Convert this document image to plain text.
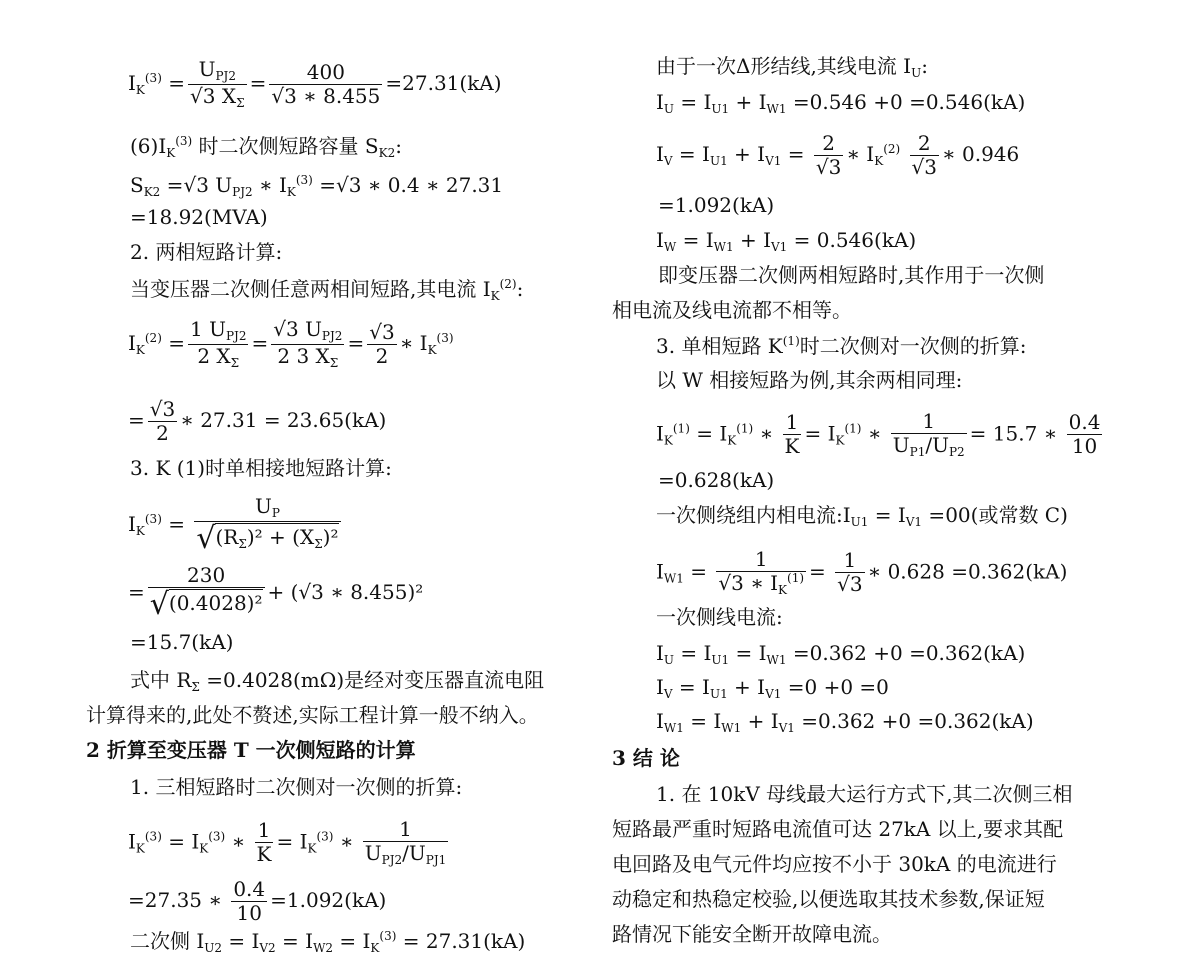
$I_K^{(3)} = \frac{U_{PJ2}}{√3 X_\Sigma} = \frac{400}{√3 ∗ 8.455} =27.31(kA)$
$(6)I_K^{(3)}$ 时二次侧短路容量 $S_{K2}$:
$S_{K2} =√3$ $U_{PJ2}$ ∗ $I_K^{(3)} =√3$ ∗ 0.4 ∗ 27.31
=18.92(MVA)
2. 两相短路计算:
当变压器二次侧任意两相间短路,其电流 $I_K^{(2)}$:
$I_K^{(2)} = \frac{1 U_{PJ2}}{2 X_\Sigma} = \frac{√3 U_{PJ2}}{2 3 X_\Sigma} = \frac{√3}{2}$ ∗ $I_K^{(3)}$
= $\frac{√3}{2}$ ∗ 27.31 = 23.65(kA)
3. K (1)时单相接地短路计算:
$I_K^{(3)} = \frac{U_P}{√(R_\Sigma)^2 + (X_\Sigma)^2}$
= $\frac{230}{\text{√(0.4028)²}} + (√3$ ∗ 8.455)²
=15.7(kA)
式中 $R_\Sigma =0.4028(m\Omega)$是经对变压器直流电阻
计算得来的,此处不赘述,实际工程计算一般不纳入。
2 折算至变压器 T 一次侧短路的计算
1. 三相短路时二次侧对一次侧的折算:
$I_K^{(3)} = I_K^{(3)}$ ∗ $\frac{1}{K} = I_K^{(3)}$ ∗ $\frac{1}{U_{PJ2}/U_{PJ1}}$
=27.35 ∗ $\frac{0.4}{10} =1.092(kA)$
二次侧 $I_{U2} = I_{V2} = I_{W2} = I_K^{(3)} = 27.31(kA)$
由于一次Δ形结线,其线电流 $I_U$:
$I_U = I_{U1} + I_{W1} =0.546 +0 =0.546(kA)$
$I_V = I_{U1} + I_{V1} = \frac{2}{√3}$ ∗ $I_K^{(2)} \frac{2}{√3}$ ∗ 0.946
=1.092(kA)
$I_W = I_{W1} + I_{V1} = 0.546(kA)$
即变压器二次侧两相短路时,其作用于一次侧
相电流及线电流都不相等。
3. 单相短路 $K^{(1)}$时二次侧对一次侧的折算:
以 W 相接短路为例,其余两相同理:
$I_K^{(1)} = I_K^{(1)}$ ∗ $\frac{1}{K} = I_K^{(1)}$ ∗ $\frac{1}{U_{P1}/U_{P2}} = 15.7$ ∗ $\frac{0.4}{10}$
=0.628(kA)
一次侧绕组内相电流$:I_{U1} = I_{V1} =00$(或常数 C)
$I_{W1} = \frac{1}{√3 ∗ I_K^{(1)}} = \frac{1}{√3}$ ∗ 0.628 =0.362(kA)
一次侧线电流:
$I_U = I_{U1} = I_{W1} =0.362 +0 =0.362(kA)$
$I_V = I_{U1} + I_{V1} =0 +0 =0$
$I_{W1} = I_{W1} + I_{V1} =0.362 +0 =0.362(kA)$
3 结 论
1. 在 10kV 母线最大运行方式下,其二次侧三相
短路最严重时短路电流值可达 27kA 以上,要求其配
电回路及电气元件均应按不小于 30kA 的电流进行
动稳定和热稳定校验,以便选取其技术参数,保证短
路情况下能安全断开故障电流。
